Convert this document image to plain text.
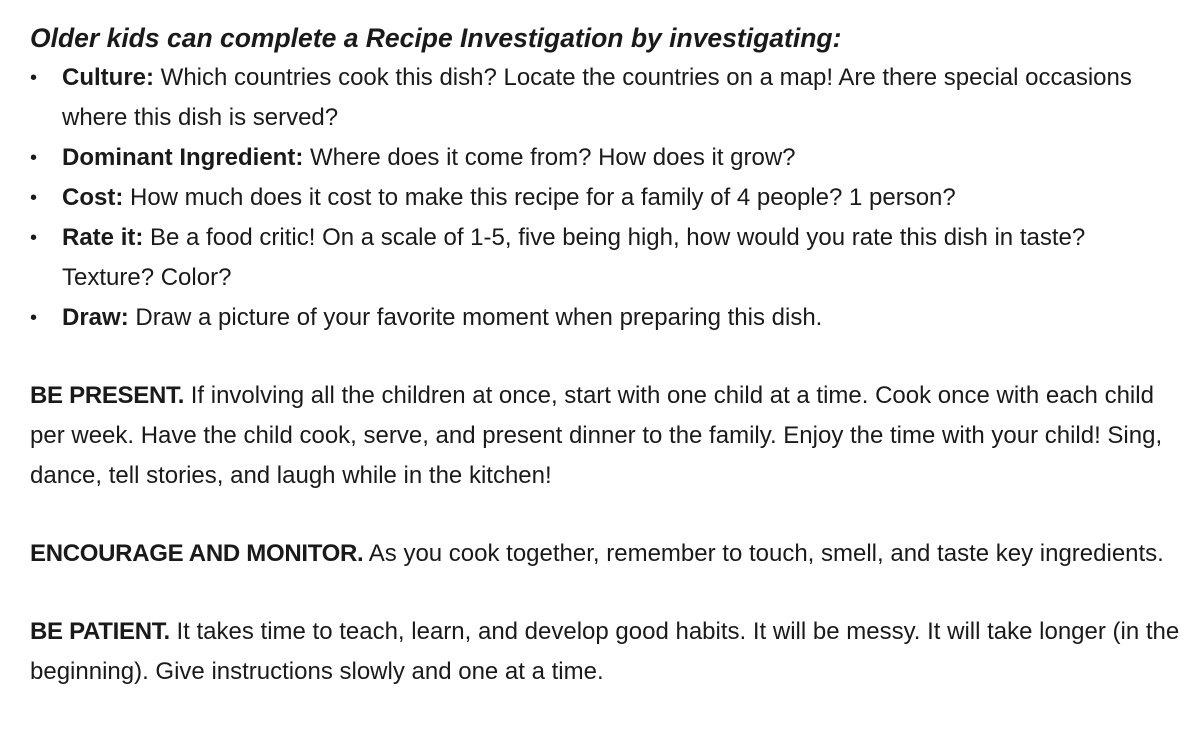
Older kids can complete a Recipe Investigation by investigating:

•	Culture: Which countries cook this dish? Locate the countries on a map! Are there special occasions where this dish is served?
•	Dominant Ingredient: Where does it come from? How does it grow?
•	Cost: How much does it cost to make this recipe for a family of 4 people? 1 person?
•	Rate it: Be a food critic! On a scale of 1-5, five being high, how would you rate this dish in taste? Texture? Color?
•	Draw: Draw a picture of your favorite moment when preparing this dish.

BE PRESENT. If involving all the children at once, start with one child at a time. Cook once with each child per week. Have the child cook, serve, and present dinner to the family. Enjoy the time with your child! Sing, dance, tell stories, and laugh while in the kitchen!

ENCOURAGE AND MONITOR. As you cook together, remember to touch, smell, and taste key ingredients.

BE PATIENT. It takes time to teach, learn, and develop good habits. It will be messy. It will take longer (in the beginning). Give instructions slowly and one at a time.
